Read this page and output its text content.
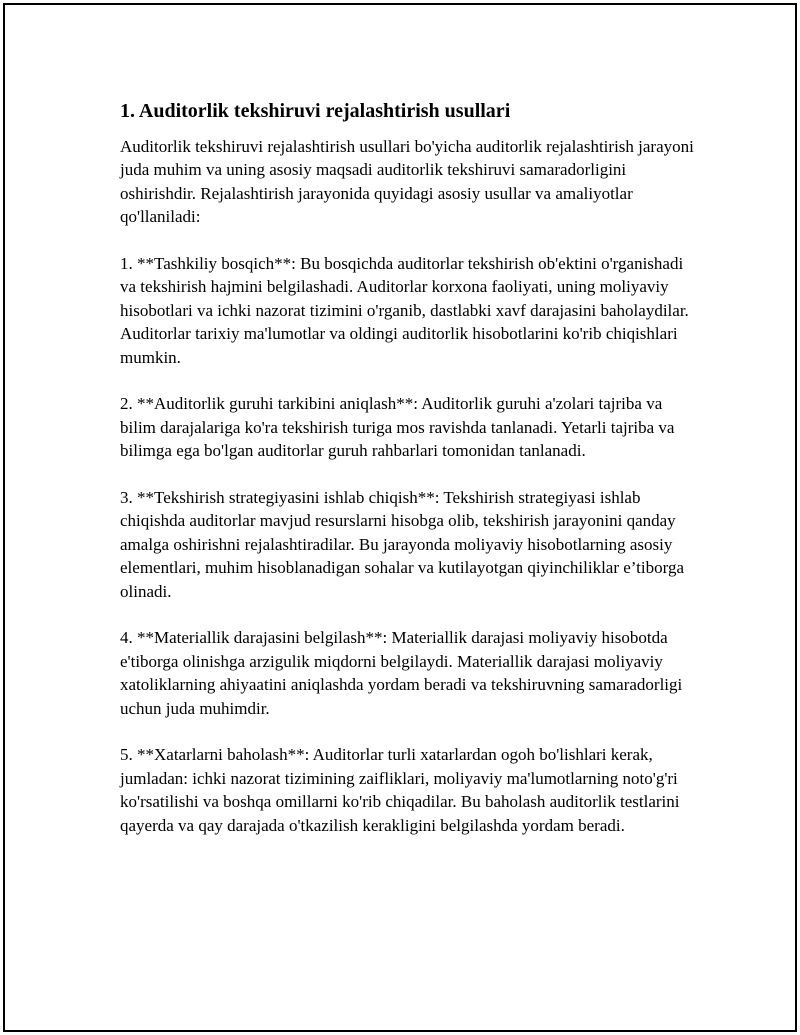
1. Auditorlik tekshiruvi rejalashtirish usullari

Auditorlik tekshiruvi rejalashtirish usullari bo'yicha auditorlik rejalashtirish jarayoni juda muhim va uning asosiy maqsadi auditorlik tekshiruvi samaradorligini oshirishdir. Rejalashtirish jarayonida quyidagi asosiy usullar va amaliyotlar qo'llaniladi:

1. **Tashkiliy bosqich**: Bu bosqichda auditorlar tekshirish ob'ektini o'rganishadi va tekshirish hajmini belgilashadi. Auditorlar korxona faoliyati, uning moliyaviy hisobotlari va ichki nazorat tizimini o'rganib, dastlabki xavf darajasini baholaydilar. Auditorlar tarixiy ma'lumotlar va oldingi auditorlik hisobotlarini ko'rib chiqishlari mumkin.

2. **Auditorlik guruhi tarkibini aniqlash**: Auditorlik guruhi a'zolari tajriba va bilim darajalariga ko'ra tekshirish turiga mos ravishda tanlanadi. Yetarli tajriba va bilimga ega bo'lgan auditorlar guruh rahbarlari tomonidan tanlanadi.

3. **Tekshirish strategiyasini ishlab chiqish**: Tekshirish strategiyasi ishlab chiqishda auditorlar mavjud resurslarni hisobga olib, tekshirish jarayonini qanday amalga oshirishni rejalashtiradilar. Bu jarayonda moliyaviy hisobotlarning asosiy elementlari, muhim hisoblanadigan sohalar va kutilayotgan qiyinchiliklar e’tiborga olinadi.

4. **Materiallik darajasini belgilash**: Materiallik darajasi moliyaviy hisobotda e'tiborga olinishga arzigulik miqdorni belgilaydi. Materiallik darajasi moliyaviy xatoliklarning ahiyaatini aniqlashda yordam beradi va tekshiruvning samaradorligi uchun juda muhimdir.

5. **Xatarlarni baholash**: Auditorlar turli xatarlardan ogoh bo'lishlari kerak, jumladan: ichki nazorat tizimining zaifliklari, moliyaviy ma'lumotlarning noto'g'ri ko'rsatilishi va boshqa omillarni ko'rib chiqadilar. Bu baholash auditorlik testlarini qayerda va qay darajada o'tkazilish kerakligini belgilashda yordam beradi.
